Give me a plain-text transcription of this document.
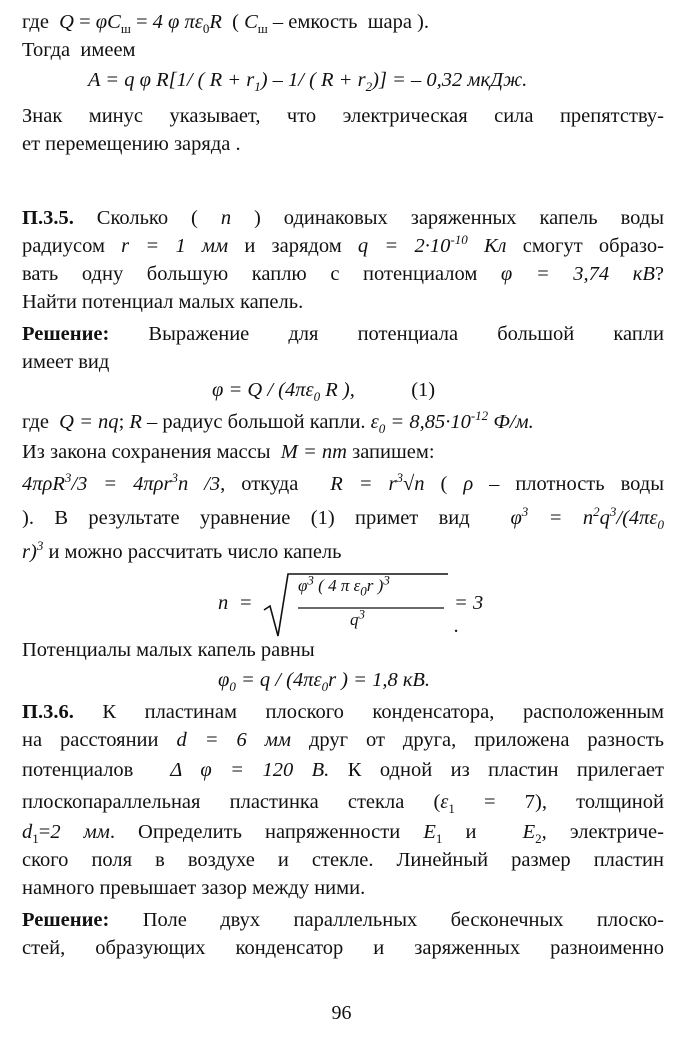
где  $Q = \varphi C_ш = 4$ φ $\pi\varepsilon_0R$  ( $C_ш$ – емкость  шара ).
Тогда  имеем
A = q φ R[1/ ( $R + r_1) - 1/$ ( $R + r_2$)] = – 0,32 мкДж.
Знак минус указывает, что электрическая сила препятству-
ет перемещению заряда .
П.3.5. Сколько ( n ) одинаковых заряженных капель воды
радиусом r = 1 мм и зарядом $q = 2\cdot 10^{-10}$ Кл смогут образо-
вать одну большую каплю с потенциалом φ = 3,74 кВ?
Найти потенциал малых капель.
Решение: Выражение для потенциала большой капли
имеет вид
$\varphi = Q / (4\pi\varepsilon_0$ R ),           (1)
где  Q = nq; R – радиус большой капли. $\varepsilon_0 = 8,85\cdot 10^{-12}$ Ф/м.
Из закона сохранения массы  M = nm запишем:
4πρR$^3$/3 = 4πρr$^3$n /3, откуда  $R = r^3√n$ ( ρ – плотность воды
). В результате уравнение (1) примет вид  $\varphi^3 = n^2q^3/(4\pi\varepsilon_0$
r)$^3$ и можно рассчитать число капель
n =
$\varphi^3$ ( 4 π $\varepsilon_0r$ )$^3$
$q^3$	= 3  .
Потенциалы малых капель равны
$\varphi_0 = q / (4\pi\varepsilon_0r$ ) = 1,8 кВ.
П.3.6. К пластинам плоского конденсатора, расположенным
на расстоянии d = 6 мм друг от друга, приложена разность
потенциалов  Δ φ = 120 В. К одной из пластин прилегает
плоскопараллельная пластинка стекла $(\varepsilon_1 = 7)$, толщиной
$d_1=2$ мм. Определить напряженности $E_1$ и  $E_2$, электриче-
ского поля в воздухе и стекле. Линейный размер пластин
намного превышает зазор между ними.
Решение: Поле двух параллельных бесконечных плоско-
стей, образующих конденсатор и заряженных разноименно
96
